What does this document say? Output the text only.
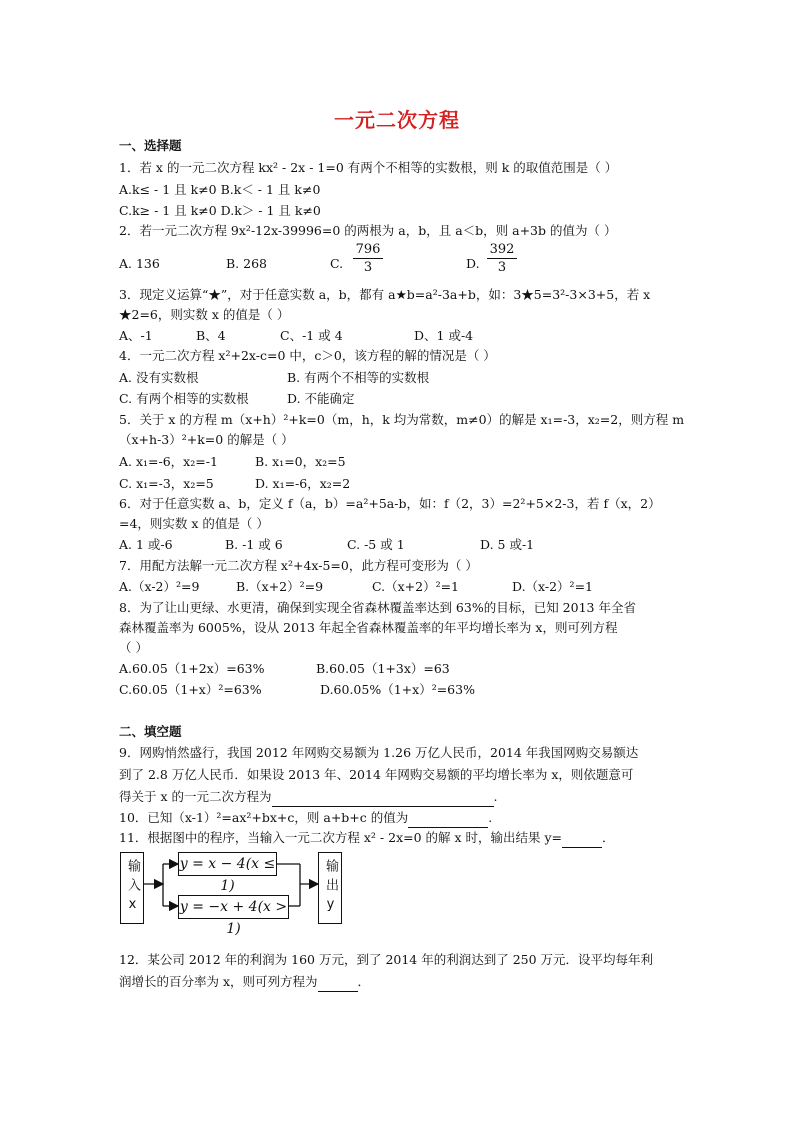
一元二次方程
一、选择题
1．若 x 的一元二次方程 kx² - 2x - 1=0 有两个不相等的实数根，则 k 的取值范围是（ ）
A.k≤ - 1 且 k≠0 B.k＜ - 1 且 k≠0
C.k≥ - 1 且 k≠0 D.k＞ - 1 且 k≠0
2．若一元二次方程 9x²-12x-39996=0 的两根为 a，b，且 a＜b，则 a+3b 的值为（ ）
A. 136	B. 268	C. $\frac{796}{3}$	D. $\frac{392}{3}$
3．现定义运算“★”，对于任意实数 a，b，都有 a★b=a²-3a+b，如：3★5=3²-3×3+5，若 x
★2=6，则实数 x 的值是（ ）
A、-1	B、4	C、-1 或 4	D、1 或-4
4．一元二次方程 x²+2x-c=0 中，c＞0，该方程的解的情况是（ ）
A. 没有实数根	B. 有两个不相等的实数根
C. 有两个相等的实数根	D. 不能确定
5．关于 x 的方程 m（x+h）²+k=0（m，h，k 均为常数，m≠0）的解是 x₁=-3，x₂=2，则方程 m
（x+h-3）²+k=0 的解是（ ）
A. x₁=-6，x₂=-1	B. x₁=0，x₂=5
C. x₁=-3，x₂=5	D. x₁=-6，x₂=2
6．对于任意实数 a、b，定义 f（a，b）=a²+5a-b，如：f（2，3）=2²+5×2-3，若 f（x，2）
=4，则实数 x 的值是（ ）
A. 1 或-6	B. -1 或 6	C. -5 或 1	D. 5 或-1
7．用配方法解一元二次方程 x²+4x-5=0，此方程可变形为（ ）
A.（x-2）²=9	B.（x+2）²=9	C.（x+2）²=1	D.（x-2）²=1
8．为了让山更绿、水更清，确保到实现全省森林覆盖率达到 63%的目标，已知 2013 年全省
森林覆盖率为 6005%，设从 2013 年起全省森林覆盖率的年平均增长率为 x，则可列方程
（ ）
A.60.05（1+2x）=63%	B.60.05（1+3x）=63
C.60.05（1+x）²=63%	D.60.05%（1+x）²=63%
二、填空题
9．网购悄然盛行，我国 2012 年网购交易额为 1.26 万亿人民币，2014 年我国网购交易额达
到了 2.8 万亿人民币．如果设 2013 年、2014 年网购交易额的平均增长率为 x，则依题意可
得关于 x 的一元二次方程为	.
10．已知（x-1）²=ax²+bx+c，则 a+b+c 的值为	.
11．根据图中的程序，当输入一元二次方程 x² - 2x=0 的解 x 时，输出结果 y=	．
输入x	y = x − 4(x ≤ 1)
y = −x + 4(x > 1)
输出y
12．某公司 2012 年的利润为 160 万元，到了 2014 年的利润达到了 250 万元．设平均每年利
润增长的百分率为 x，则可列方程为	．
